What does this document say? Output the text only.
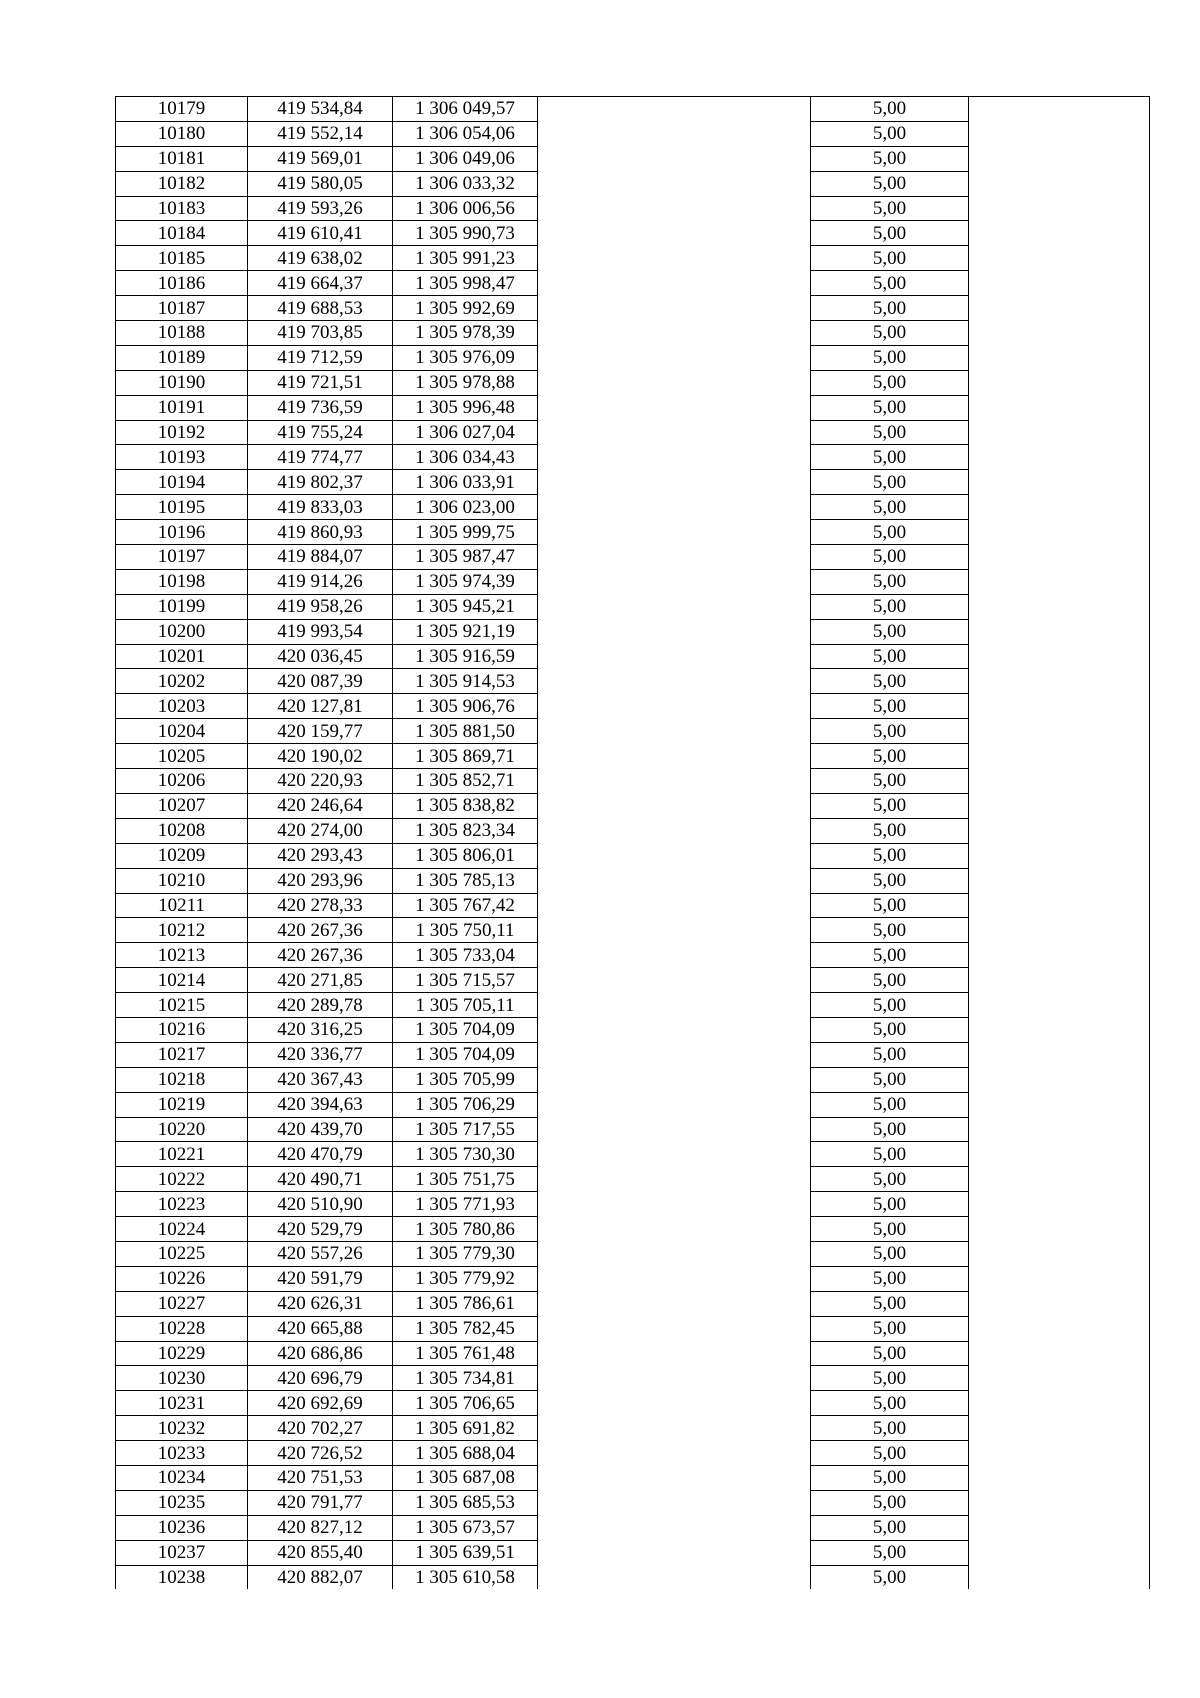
10179	419 534,84	1 306 049,57		5,00	
10180	419 552,14	1 306 054,06		5,00	
10181	419 569,01	1 306 049,06		5,00	
10182	419 580,05	1 306 033,32		5,00	
10183	419 593,26	1 306 006,56		5,00	
10184	419 610,41	1 305 990,73		5,00	
10185	419 638,02	1 305 991,23		5,00	
10186	419 664,37	1 305 998,47		5,00	
10187	419 688,53	1 305 992,69		5,00	
10188	419 703,85	1 305 978,39		5,00	
10189	419 712,59	1 305 976,09		5,00	
10190	419 721,51	1 305 978,88		5,00	
10191	419 736,59	1 305 996,48		5,00	
10192	419 755,24	1 306 027,04		5,00	
10193	419 774,77	1 306 034,43		5,00	
10194	419 802,37	1 306 033,91		5,00	
10195	419 833,03	1 306 023,00		5,00	
10196	419 860,93	1 305 999,75		5,00	
10197	419 884,07	1 305 987,47		5,00	
10198	419 914,26	1 305 974,39		5,00	
10199	419 958,26	1 305 945,21		5,00	
10200	419 993,54	1 305 921,19		5,00	
10201	420 036,45	1 305 916,59		5,00	
10202	420 087,39	1 305 914,53		5,00	
10203	420 127,81	1 305 906,76		5,00	
10204	420 159,77	1 305 881,50		5,00	
10205	420 190,02	1 305 869,71		5,00	
10206	420 220,93	1 305 852,71		5,00	
10207	420 246,64	1 305 838,82		5,00	
10208	420 274,00	1 305 823,34		5,00	
10209	420 293,43	1 305 806,01		5,00	
10210	420 293,96	1 305 785,13		5,00	
10211	420 278,33	1 305 767,42		5,00	
10212	420 267,36	1 305 750,11		5,00	
10213	420 267,36	1 305 733,04		5,00	
10214	420 271,85	1 305 715,57		5,00	
10215	420 289,78	1 305 705,11		5,00	
10216	420 316,25	1 305 704,09		5,00	
10217	420 336,77	1 305 704,09		5,00	
10218	420 367,43	1 305 705,99		5,00	
10219	420 394,63	1 305 706,29		5,00	
10220	420 439,70	1 305 717,55		5,00	
10221	420 470,79	1 305 730,30		5,00	
10222	420 490,71	1 305 751,75		5,00	
10223	420 510,90	1 305 771,93		5,00	
10224	420 529,79	1 305 780,86		5,00	
10225	420 557,26	1 305 779,30		5,00	
10226	420 591,79	1 305 779,92		5,00	
10227	420 626,31	1 305 786,61		5,00	
10228	420 665,88	1 305 782,45		5,00	
10229	420 686,86	1 305 761,48		5,00	
10230	420 696,79	1 305 734,81		5,00	
10231	420 692,69	1 305 706,65		5,00	
10232	420 702,27	1 305 691,82		5,00	
10233	420 726,52	1 305 688,04		5,00	
10234	420 751,53	1 305 687,08		5,00	
10235	420 791,77	1 305 685,53		5,00	
10236	420 827,12	1 305 673,57		5,00	
10237	420 855,40	1 305 639,51		5,00	
10238	420 882,07	1 305 610,58		5,00	
